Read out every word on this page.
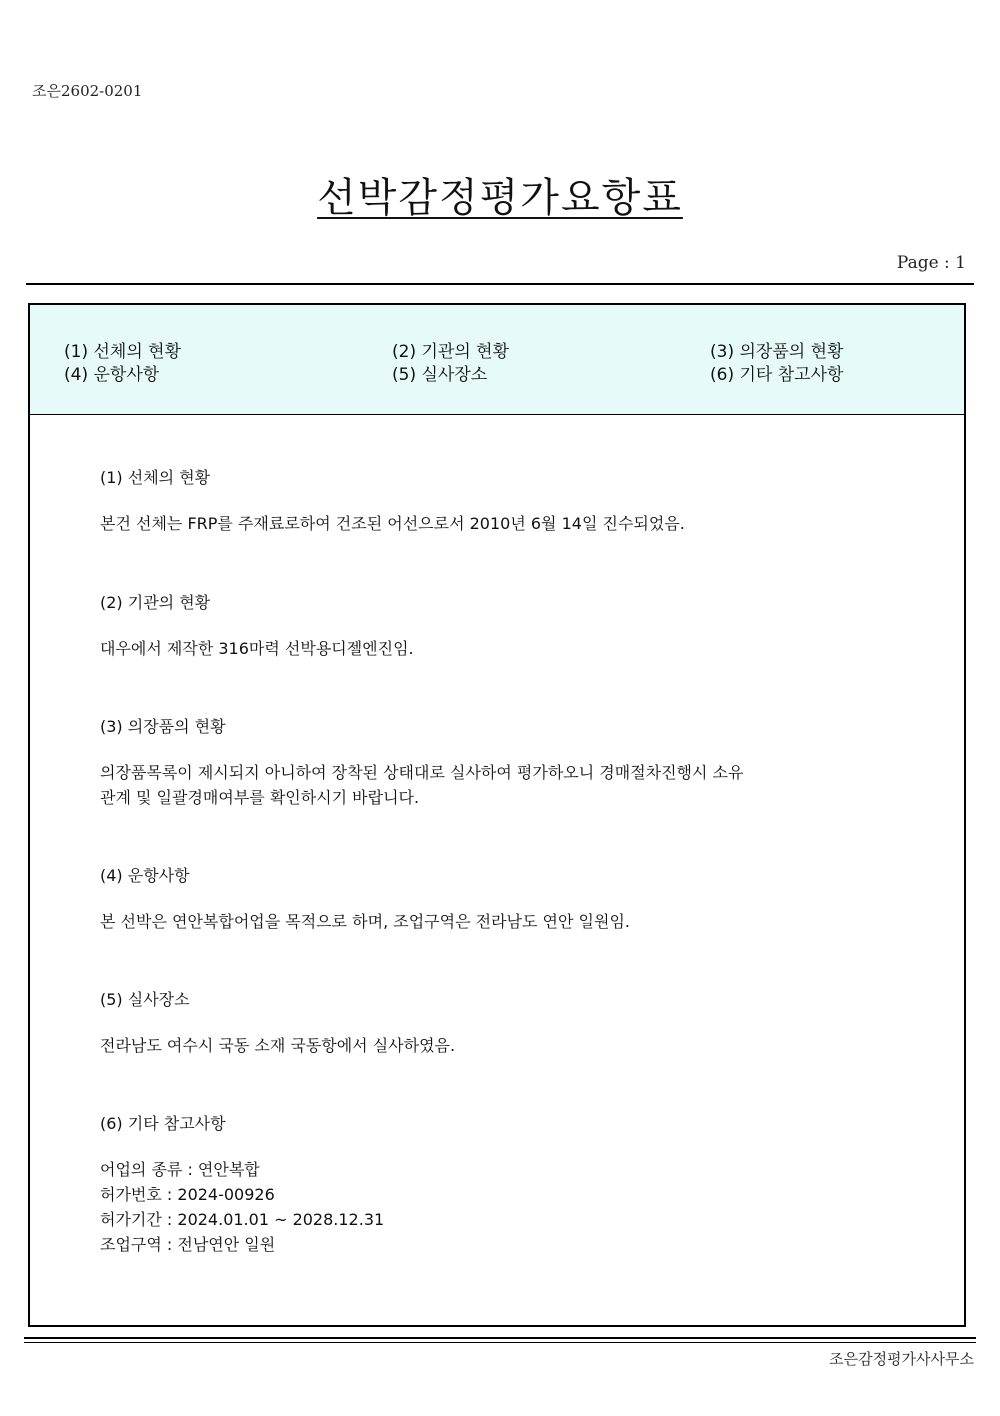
조은2602-0201
선박감정평가요항표
Page : 1
(1) 선체의 현황	(2) 기관의 현황	(3) 의장품의 현황
(4) 운항사항	(5) 실사장소	(6) 기타 참고사항
(1) 선체의 현황
본건 선체는 FRP를 주재료로하여 건조된 어선으로서 2010년 6월 14일 진수되었음.
(2) 기관의 현황
대우에서 제작한 316마력 선박용디젤엔진임.
(3) 의장품의 현황
의장품목록이 제시되지 아니하여 장착된 상태대로 실사하여 평가하오니 경매절차진행시 소유
관계 및 일괄경매여부를 확인하시기 바랍니다.
(4) 운항사항
본 선박은 연안복합어업을 목적으로 하며, 조업구역은 전라남도 연안 일원임.
(5) 실사장소
전라남도 여수시 국동 소재 국동항에서 실사하였음.
(6) 기타 참고사항
어업의 종류 : 연안복합
허가번호 : 2024-00926
허가기간 : 2024.01.01 ~ 2028.12.31
조업구역 : 전남연안 일원
조은감정평가사사무소
